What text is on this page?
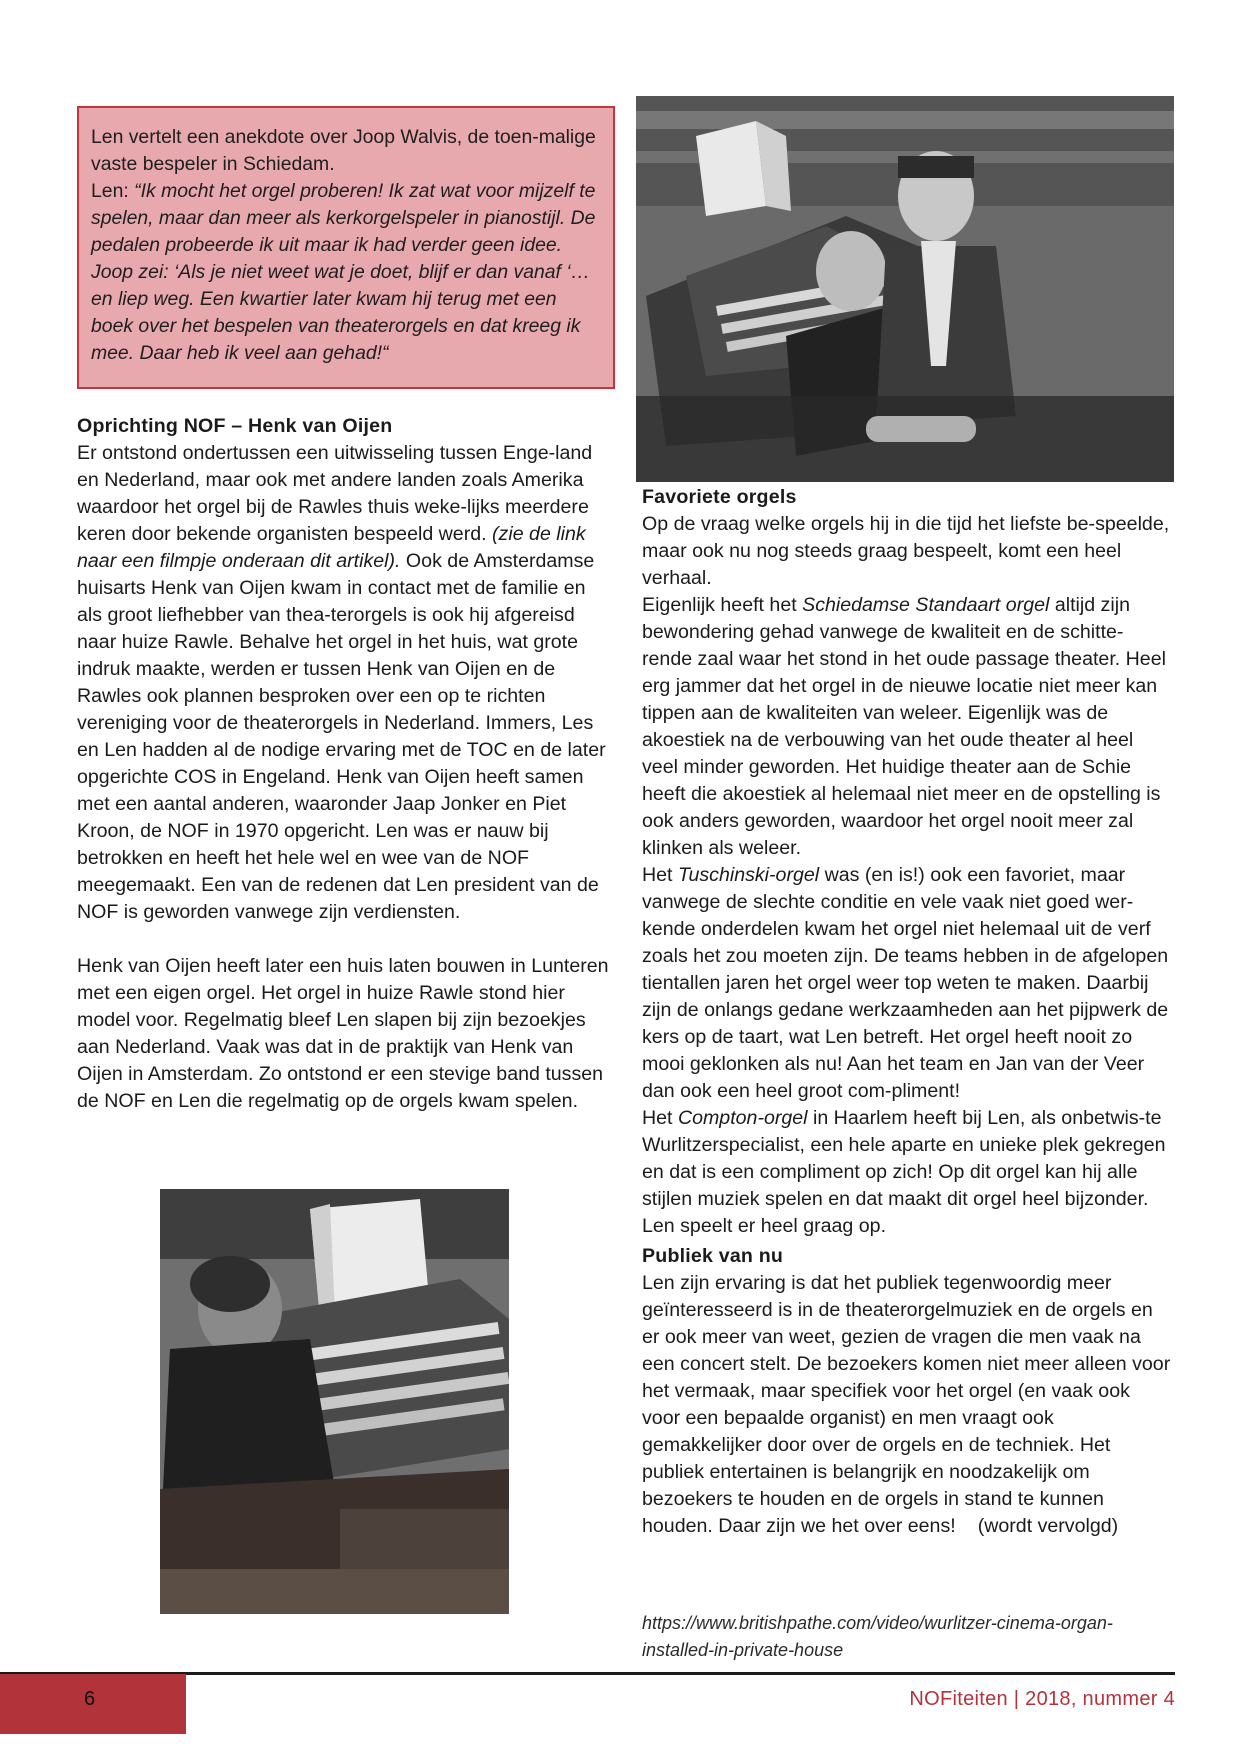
Len vertelt een anekdote over Joop Walvis, de toen-malige vaste bespeler in Schiedam.

Len: “Ik mocht het orgel proberen! Ik zat wat voor mijzelf te spelen, maar dan meer als kerkorgelspeler in pianostijl. De pedalen probeerde ik uit maar ik had verder geen idee. Joop zei: ‘Als je niet weet wat je doet, blijf er dan vanaf ‘… en liep weg. Een kwartier later kwam hij terug met een boek over het bespelen van theaterorgels en dat kreeg ik mee. Daar heb ik veel aan gehad!“

Oprichting NOF – Henk van Oijen

Er ontstond ondertussen een uitwisseling tussen Enge-land en Nederland, maar ook met andere landen zoals Amerika waardoor het orgel bij de Rawles thuis weke-lijks meerdere keren door bekende organisten bespeeld werd. (zie de link naar een filmpje onderaan dit artikel). Ook de Amsterdamse huisarts Henk van Oijen kwam in contact met de familie en als groot liefhebber van thea-terorgels is ook hij afgereisd naar huize Rawle. Behalve het orgel in het huis, wat grote indruk maakte, werden er tussen Henk van Oijen en de Rawles ook plannen besproken over een op te richten vereniging voor de theaterorgels in Nederland. Immers, Les en Len hadden al de nodige ervaring met de TOC en de later opgerichte COS in Engeland. Henk van Oijen heeft samen met een aantal anderen, waaronder Jaap Jonker en Piet Kroon, de NOF in 1970 opgericht. Len was er nauw bij betrokken en heeft het hele wel en wee van de NOF meegemaakt. Een van de redenen dat Len president van de NOF is geworden vanwege zijn verdiensten.

Henk van Oijen heeft later een huis laten bouwen in Lunteren met een eigen orgel. Het orgel in huize Rawle stond hier model voor. Regelmatig bleef Len slapen bij zijn bezoekjes aan Nederland. Vaak was dat in de praktijk van Henk van Oijen in Amsterdam. Zo ontstond er een stevige band tussen de NOF en Len die regelmatig op de orgels kwam spelen.

Favoriete orgels

Op de vraag welke orgels hij in die tijd het liefste be-speelde, maar ook nu nog steeds graag bespeelt, komt een heel verhaal.

Eigenlijk heeft het Schiedamse Standaart orgel altijd zijn bewondering gehad vanwege de kwaliteit en de schitte-rende zaal waar het stond in het oude passage theater. Heel erg jammer dat het orgel in de nieuwe locatie niet meer kan tippen aan de kwaliteiten van weleer. Eigenlijk was de akoestiek na de verbouwing van het oude theater al heel veel minder geworden. Het huidige theater aan de Schie heeft die akoestiek al helemaal niet meer en de opstelling is ook anders geworden, waardoor het orgel nooit meer zal klinken als weleer.

Het Tuschinski-orgel was (en is!) ook een favoriet, maar vanwege de slechte conditie en vele vaak niet goed wer-kende onderdelen kwam het orgel niet helemaal uit de verf zoals het zou moeten zijn. De teams hebben in de afgelopen tientallen jaren het orgel weer top weten te maken. Daarbij zijn de onlangs gedane werkzaamheden aan het pijpwerk de kers op de taart, wat Len betreft. Het orgel heeft nooit zo mooi geklonken als nu! Aan het team en Jan van der Veer dan ook een heel groot com-pliment!

Het Compton-orgel in Haarlem heeft bij Len, als onbetwis-te Wurlitzerspecialist, een hele aparte en unieke plek gekregen en dat is een compliment op zich! Op dit orgel kan hij alle stijlen muziek spelen en dat maakt dit orgel heel bijzonder. Len speelt er heel graag op.

Publiek van nu

Len zijn ervaring is dat het publiek tegenwoordig meer geïnteresseerd is in de theaterorgelmuziek en de orgels en er ook meer van weet, gezien de vragen die men vaak na een concert stelt. De bezoekers komen niet meer alleen voor het vermaak, maar specifiek voor het orgel (en vaak ook voor een bepaalde organist) en men vraagt ook gemakkelijker door over de orgels en de techniek. Het publiek entertainen is belangrijk en noodzakelijk om bezoekers te houden en de orgels in stand te kunnen houden. Daar zijn we het over eens! (wordt vervolgd)

https://www.britishpathe.com/video/wurlitzer-cinema-organ-installed-in-private-house
6	NOFiteiten | 2018, nummer 4
